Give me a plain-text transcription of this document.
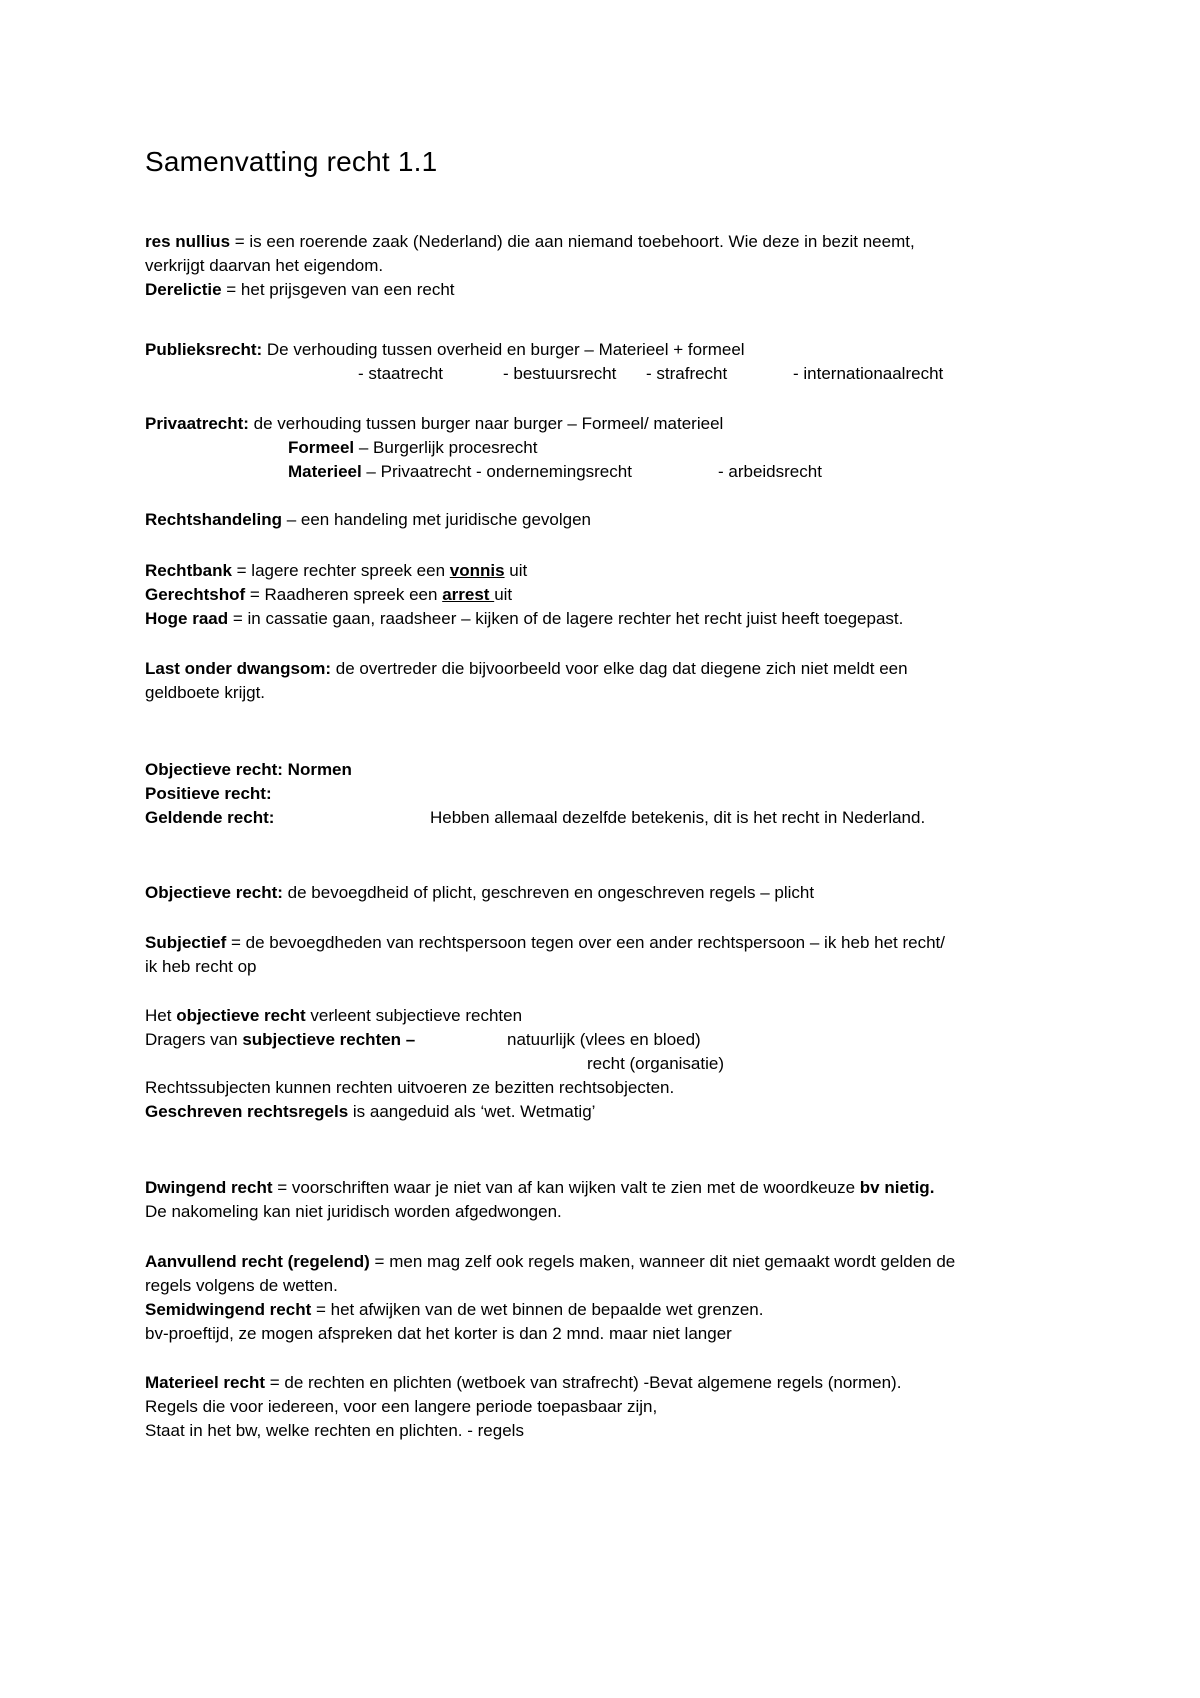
Samenvatting recht 1.1
res nullius = is een roerende zaak (Nederland) die aan niemand toebehoort. Wie deze in bezit neemt,
verkrijgt daarvan het eigendom.
Derelictie = het prijsgeven van een recht
Publieksrecht: De verhouding tussen overheid en burger – Materieel + formeel
- staatrecht	- bestuursrecht - strafrecht	- internationaalrecht
Privaatrecht: de verhouding tussen burger naar burger – Formeel/ materieel
Formeel – Burgerlijk procesrecht
Materieel – Privaatrecht - ondernemingsrecht	- arbeidsrecht
Rechtshandeling – een handeling met juridische gevolgen
Rechtbank = lagere rechter spreek een vonnis uit
Gerechtshof = Raadheren spreek een arrest uit
Hoge raad = in cassatie gaan, raadsheer – kijken of de lagere rechter het recht juist heeft toegepast.
Last onder dwangsom: de overtreder die bijvoorbeeld voor elke dag dat diegene zich niet meldt een
geldboete krijgt.
Objectieve recht: Normen
Positieve recht:
Geldende recht:	Hebben allemaal dezelfde betekenis, dit is het recht in Nederland.
Objectieve recht: de bevoegdheid of plicht, geschreven en ongeschreven regels – plicht
Subjectief = de bevoegdheden van rechtspersoon tegen over een ander rechtspersoon – ik heb het recht/
ik heb recht op
Het objectieve recht verleent subjectieve rechten
Dragers van subjectieve rechten –	natuurlijk (vlees en bloed)
recht (organisatie)
Rechtssubjecten kunnen rechten uitvoeren ze bezitten rechtsobjecten.
Geschreven rechtsregels is aangeduid als ‘wet. Wetmatig’
Dwingend recht = voorschriften waar je niet van af kan wijken valt te zien met de woordkeuze bv nietig.
De nakomeling kan niet juridisch worden afgedwongen.
Aanvullend recht (regelend) = men mag zelf ook regels maken, wanneer dit niet gemaakt wordt gelden de
regels volgens de wetten.
Semidwingend recht = het afwijken van de wet binnen de bepaalde wet grenzen.
bv-proeftijd, ze mogen afspreken dat het korter is dan 2 mnd. maar niet langer
Materieel recht = de rechten en plichten (wetboek van strafrecht) -Bevat algemene regels (normen).
Regels die voor iedereen, voor een langere periode toepasbaar zijn,
Staat in het bw, welke rechten en plichten. - regels
